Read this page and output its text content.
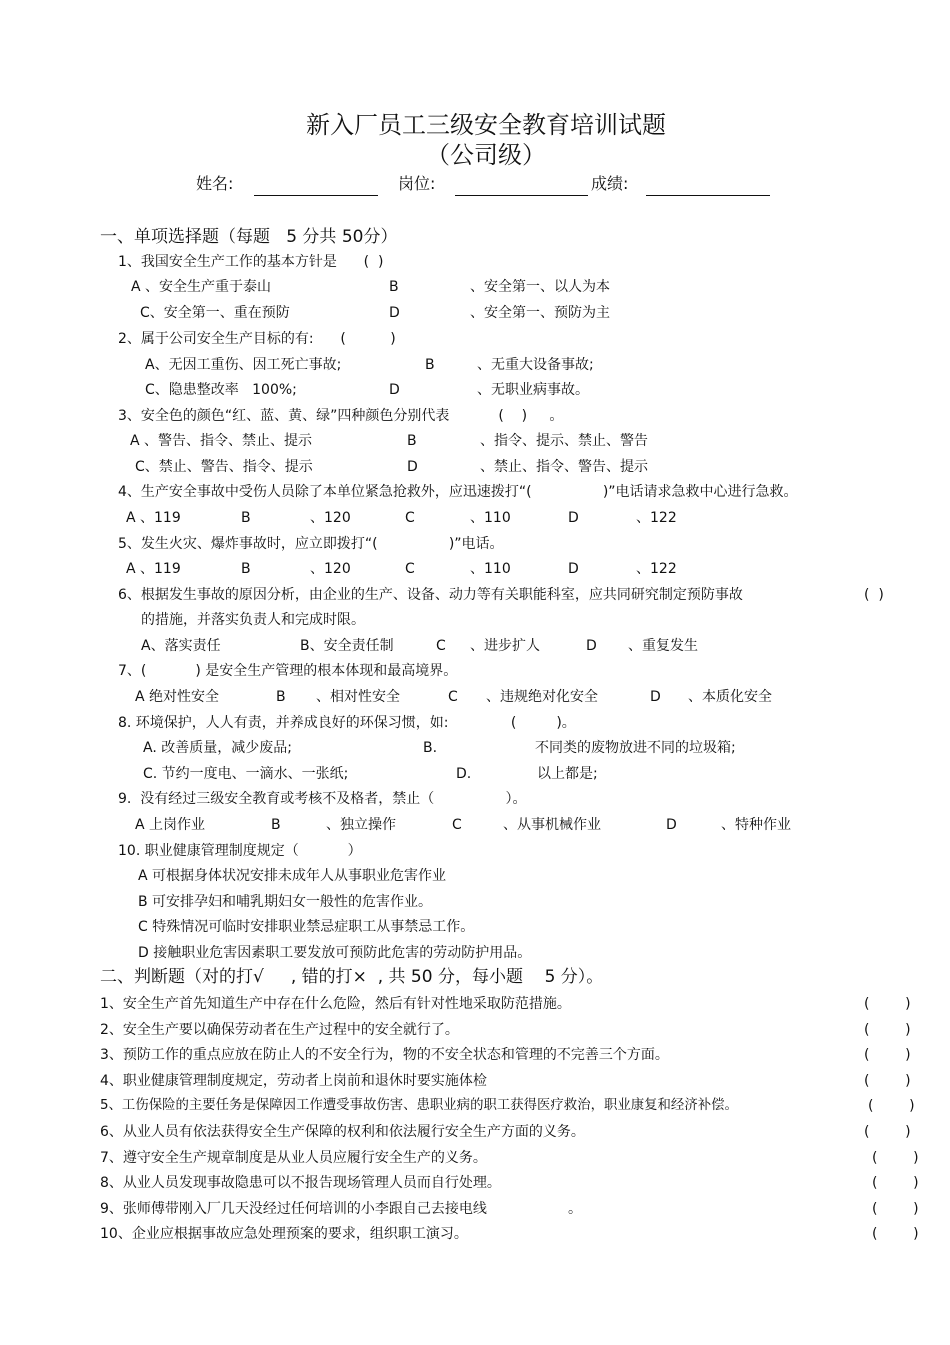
新入厂员工三级安全教育培训试题
（公司级）
姓名:	岗位:	成绩:
一、单项选择题（每题   5 分共 50分）
1、我国安全生产工作的基本方针是      (  )
A 、安全生产重于泰山	B	、安全第一、以人为本
C、安全第一、重在预防	D	、安全第一、预防为主
2、属于公司安全生产目标的有:      (          )
A、无因工重伤、因工死亡事故;	B	、无重大设备事故;
C、隐患整改率   100%;	D	、无职业病事故。
3、安全色的颜色“红、蓝、黄、绿”四种颜色分别代表           (    )     。
A 、警告、指令、禁止、提示	B	、指令、提示、禁止、警告
C、禁止、警告、指令、提示	D	、禁止、指令、警告、提示
4、生产安全事故中受伤人员除了本单位紧急抢救外，应迅速拨打“(                )”电话请求急救中心进行急救。
A 、119	B	、120	C	、110	D	、122
5、发生火灾、爆炸事故时，应立即拨打“(                )”电话。
A 、119	B	、120	C	、110	D	、122
6、根据发生事故的原因分析，由企业的生产、设备、动力等有关职能科室，应共同研究制定预防事故	(  )
的措施，并落实负责人和完成时限。
A、落实责任	B、安全责任制	C 、进步扩人	D 、重复发生
7、(           ) 是安全生产管理的根本体现和最高境界。
A 绝对性安全	B 、相对性安全	C 、违规绝对化安全	D 、本质化安全
8. 环境保护，人人有责，并养成良好的环保习惯，如:              (         )。
A. 改善质量，减少废品;	B.	不同类的废物放进不同的垃圾箱;
C. 节约一度电、一滴水、一张纸;	D.	以上都是;
9.  没有经过三级安全教育或考核不及格者，禁止（                ）。
A 上岗作业	B	、独立操作	C	、从事机械作业	D	、特种作业
10. 职业健康管理制度规定（           ）
A 可根据身体状况安排未成年人从事职业危害作业
B 可安排孕妇和哺乳期妇女一般性的危害作业。
C 特殊情况可临时安排职业禁忌症职工从事禁忌工作。
D 接触职业危害因素职工要发放可预防此危害的劳动防护用品。
二、判断题（对的打√     , 错的打×  , 共 50 分，每小题    5 分）。
1、安全生产首先知道生产中存在什么危险，然后有针对性地采取防范措施。	(        )
2、安全生产要以确保劳动者在生产过程中的安全就行了。	(        )
3、预防工作的重点应放在防止人的不安全行为，物的不安全状态和管理的不完善三个方面。	(        )
4、职业健康管理制度规定，劳动者上岗前和退休时要实施体检	(        )
5、工伤保险的主要任务是保障因工作遭受事故伤害、患职业病的职工获得医疗救治，职业康复和经济补偿。	(        )
6、从业人员有依法获得安全生产保障的权利和依法履行安全生产方面的义务。	(        )
7、遵守安全生产规章制度是从业人员应履行安全生产的义务。	(        )
8、从业人员发现事故隐患可以不报告现场管理人员而自行处理。	(        )
9、张师傅带刚入厂几天没经过任何培训的小李跟自己去接电线	。	(        )
10、企业应根据事故应急处理预案的要求，组织职工演习。	(        )
